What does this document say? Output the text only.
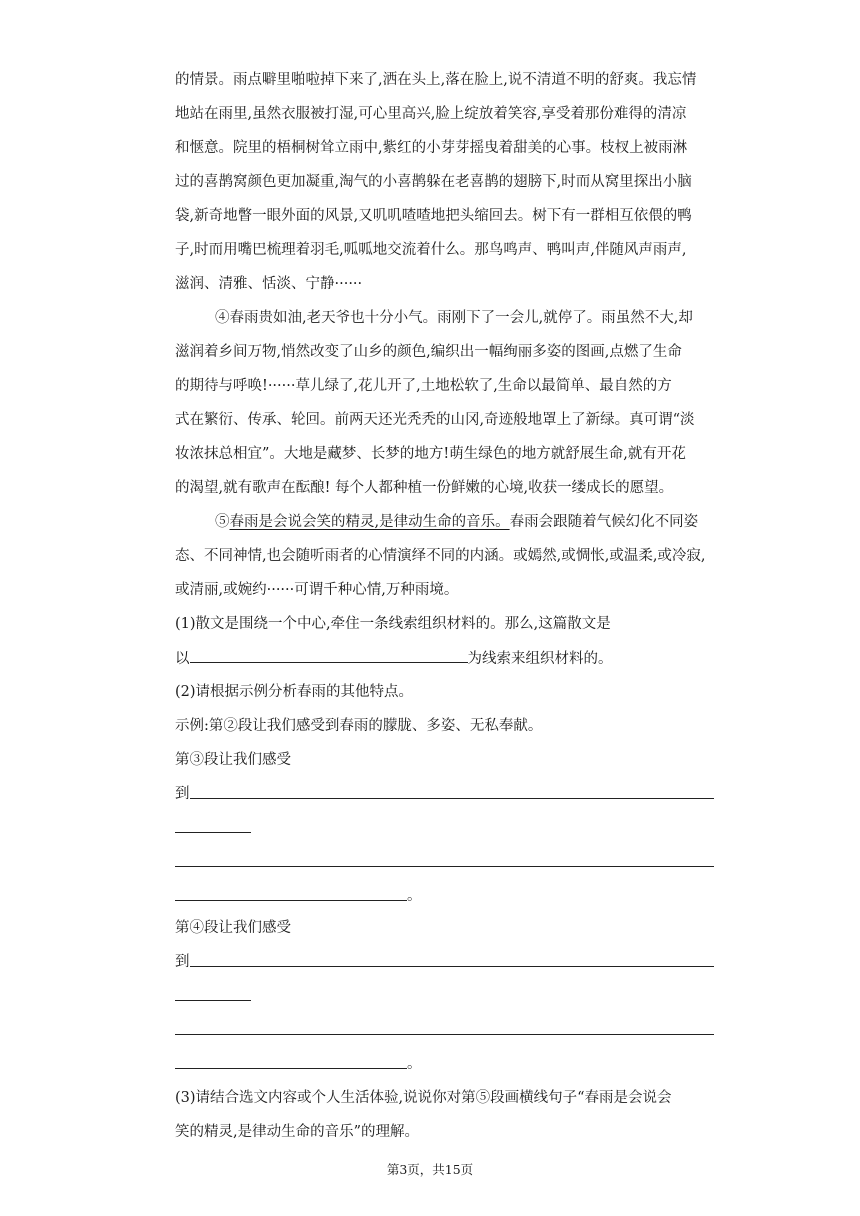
的情景。雨点噼里啪啦掉下来了,洒在头上,落在脸上,说不清道不明的舒爽。我忘情
地站在雨里,虽然衣服被打湿,可心里高兴,脸上绽放着笑容,享受着那份难得的清凉
和惬意。院里的梧桐树耸立雨中,紫红的小芽芽摇曳着甜美的心事。枝杈上被雨淋
过的喜鹊窝颜色更加凝重,淘气的小喜鹊躲在老喜鹊的翅膀下,时而从窝里探出小脑
袋,新奇地瞥一眼外面的风景,又叽叽喳喳地把头缩回去。树下有一群相互依偎的鸭
子,时而用嘴巴梳理着羽毛,呱呱地交流着什么。那鸟鸣声、鸭叫声,伴随风声雨声,
滋润、清雅、恬淡、宁静······
④春雨贵如油,老天爷也十分小气。雨刚下了一会儿,就停了。雨虽然不大,却
滋润着乡间万物,悄然改变了山乡的颜色,编织出一幅绚丽多姿的图画,点燃了生命
的期待与呼唤!······草儿绿了,花儿开了,土地松软了,生命以最简单、最自然的方
式在繁衍、传承、轮回。前两天还光秃秃的山冈,奇迹般地罩上了新绿。真可谓“淡
妆浓抹总相宜”。大地是藏梦、长梦的地方!萌生绿色的地方就舒展生命,就有开花
的渴望,就有歌声在酝酿! 每个人都种植一份鲜嫩的心境,收获一缕成长的愿望。
⑤春雨是会说会笑的精灵,是律动生命的音乐。春雨会跟随着气候幻化不同姿
态、不同神情,也会随听雨者的心情演绎不同的内涵。或嫣然,或惆怅,或温柔,或冷寂,
或清丽,或婉约······可谓千种心情,万种雨境。
(1)散文是围绕一个中心,牵住一条线索组织材料的。那么,这篇散文是
以	为线索来组织材料的。
(2)请根据示例分析春雨的其他特点。
示例:第②段让我们感受到春雨的朦胧、多姿、无私奉献。
第③段让我们感受
到
。
第④段让我们感受
到
。
(3)请结合选文内容或个人生活体验,说说你对第⑤段画横线句子“春雨是会说会
笑的精灵,是律动生命的音乐”的理解。
第3页，共15页
